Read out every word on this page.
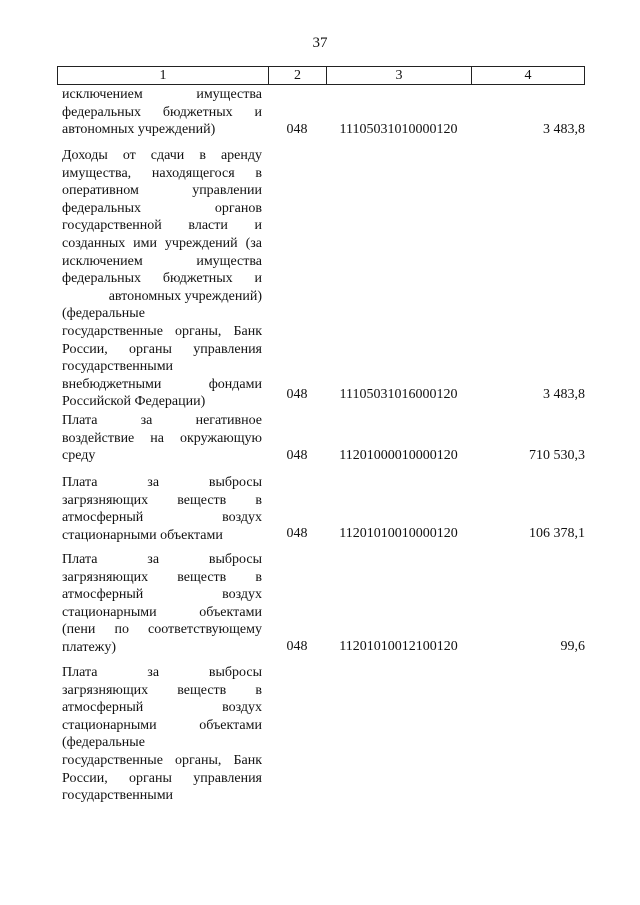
37
1	2	3	4
исключением имущества
федеральных бюджетных и
автономных учреждений)	048	11105031010000120	3 483,8
Доходы от сдачи в аренду
имущества, находящегося в
оперативном управлении
федеральных органов
государственной власти и
созданных ими учреждений (за
исключением имущества
федеральных бюджетных и
автономных учреждений)
(федеральные
государственные органы, Банк
России, органы управления
государственными
внебюджетными фондами
Российской Федерации)	048	11105031016000120	3 483,8
Плата за негативное
воздействие на окружающую
среду	048	11201000010000120	710 530,3
Плата за выбросы
загрязняющих веществ в
атмосферный воздух
стационарными объектами	048	11201010010000120	106 378,1
Плата за выбросы
загрязняющих веществ в
атмосферный воздух
стационарными объектами
(пени по соответствующему
платежу)	048	11201010012100120	99,6
Плата за выбросы
загрязняющих веществ в
атмосферный воздух
стационарными объектами
(федеральные
государственные органы, Банк
России, органы управления
государственными
